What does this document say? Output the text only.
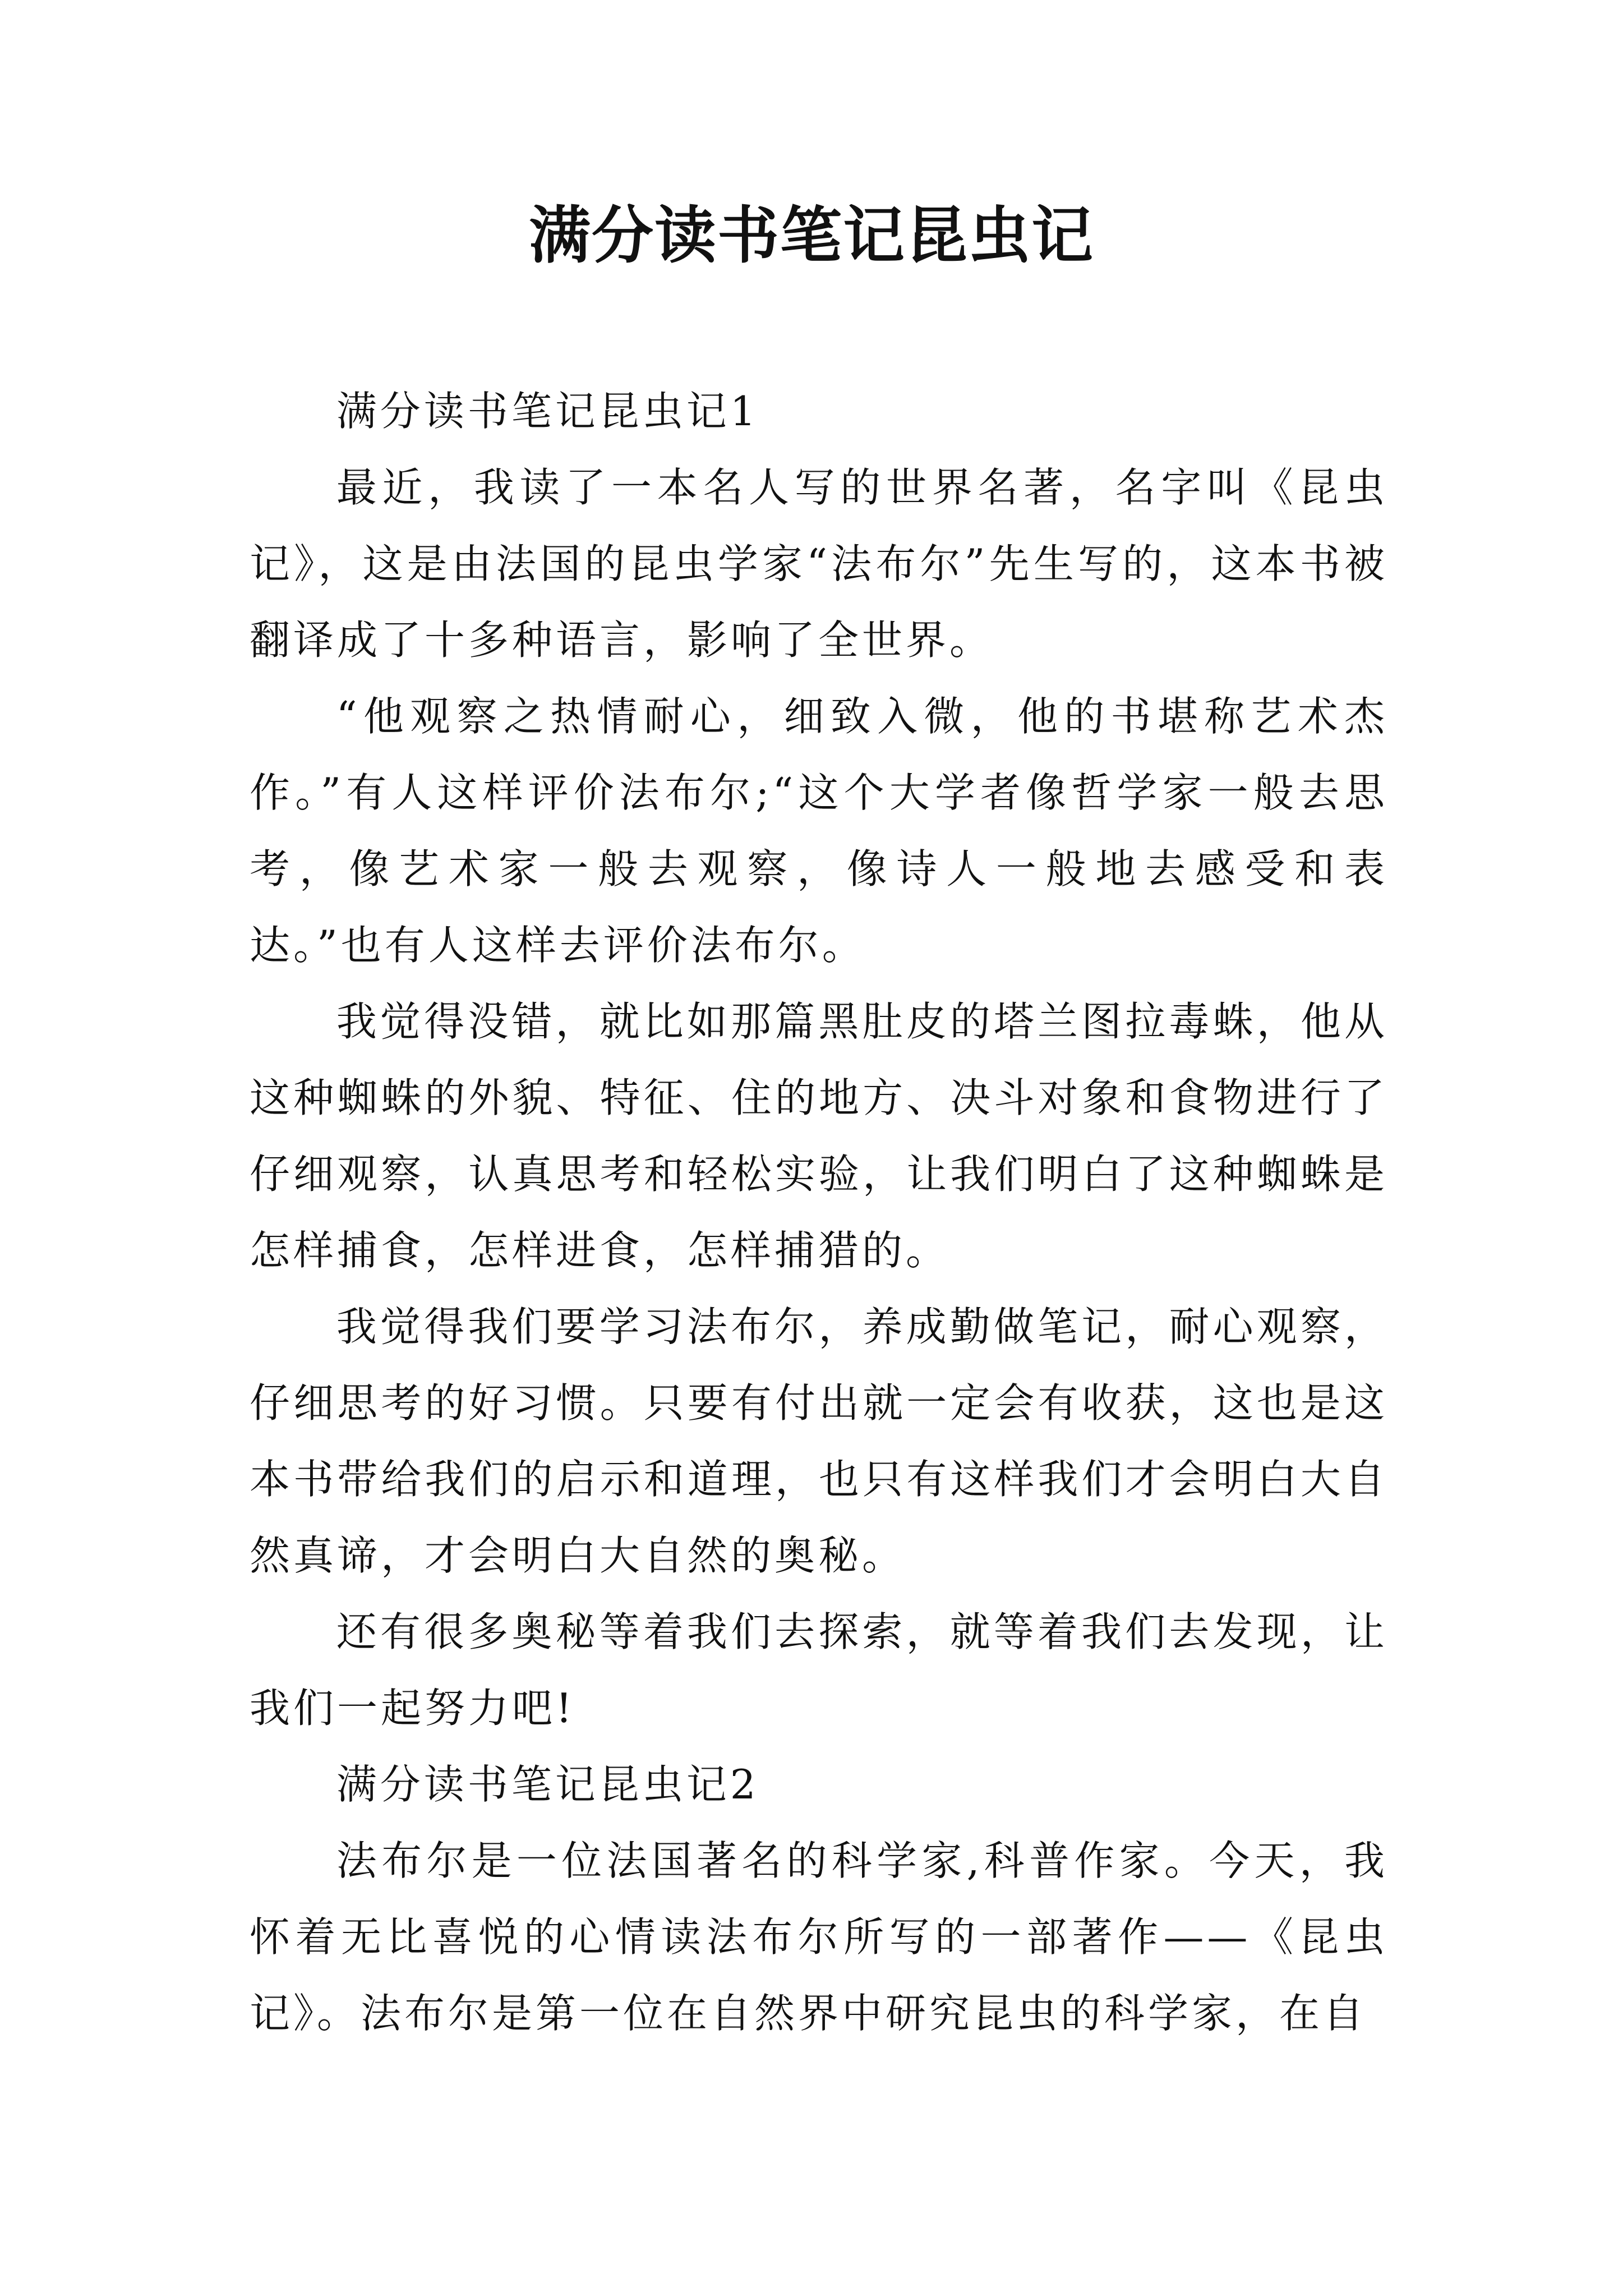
满分读书笔记昆虫记

满分读书笔记昆虫记1

最近，我读了一本名人写的世界名著，名字叫《昆虫记》，这是由法国的昆虫学家“法布尔”先生写的，这本书被翻译成了十多种语言，影响了全世界。

“他观察之热情耐心，细致入微，他的书堪称艺术杰作。”有人这样评价法布尔;“这个大学者像哲学家一般去思考，像艺术家一般去观察，像诗人一般地去感受和表达。”也有人这样去评价法布尔。

我觉得没错，就比如那篇黑肚皮的塔兰图拉毒蛛，他从这种蜘蛛的外貌、特征、住的地方、决斗对象和食物进行了仔细观察，认真思考和轻松实验，让我们明白了这种蜘蛛是怎样捕食，怎样进食，怎样捕猎的。

我觉得我们要学习法布尔，养成勤做笔记，耐心观察，仔细思考的好习惯。只要有付出就一定会有收获，这也是这本书带给我们的启示和道理，也只有这样我们才会明白大自然真谛，才会明白大自然的奥秘。

还有很多奥秘等着我们去探索，就等着我们去发现，让我们一起努力吧!

满分读书笔记昆虫记2

法布尔是一位法国著名的科学家,科普作家。今天，我怀着无比喜悦的心情读法布尔所写的一部著作——《昆虫记》。法布尔是第一位在自然界中研究昆虫的科学家，在自
